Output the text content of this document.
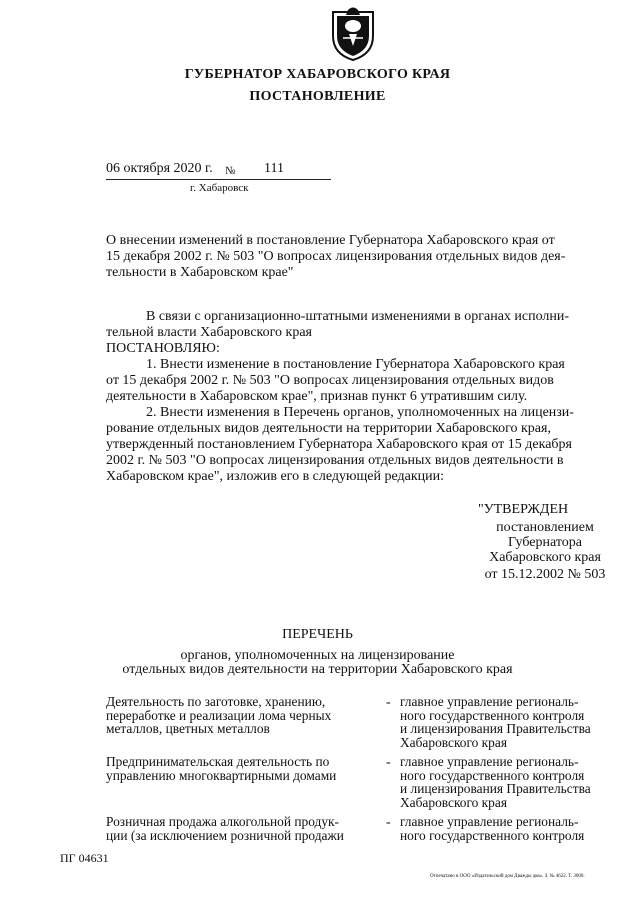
ГУБЕРНАТОР ХАБАРОВСКОГО КРАЯ
ПОСТАНОВЛЕНИЕ
06 октября 2020 г. № 111
г. Хабаровск
О внесении изменений в постановление Губернатора Хабаровского края от
15 декабря 2002 г. № 503 "О вопросах лицензирования отдельных видов дея-
тельности в Хабаровском крае"
В связи с организационно-штатными изменениями в органах исполни-
тельной власти Хабаровского края
ПОСТАНОВЛЯЮ:
1. Внести изменение в постановление Губернатора Хабаровского края
от 15 декабря 2002 г. № 503 "О вопросах лицензирования отдельных видов
деятельности в Хабаровском крае", признав пункт 6 утратившим силу.
2. Внести изменения в Перечень органов, уполномоченных на лицензи-
рование отдельных видов деятельности на территории Хабаровского края,
утвержденный постановлением Губернатора Хабаровского края от 15 декабря
2002 г. № 503 "О вопросах лицензирования отдельных видов деятельности в
Хабаровском крае", изложив его в следующей редакции:
"УТВЕРЖДЕН
постановлением
Губернатора
Хабаровского края
от 15.12.2002 № 503
ПЕРЕЧЕНЬ
органов, уполномоченных на лицензирование
отдельных видов деятельности на территории Хабаровского края
Деятельность по заготовке, хранению,
переработке и реализации лома черных
металлов, цветных металлов
- главное управление региональ-
ного государственного контроля
и лицензирования Правительства
Хабаровского края
Предпринимательская деятельность по
управлению многоквартирными домами
- главное управление региональ-
ного государственного контроля
и лицензирования Правительства
Хабаровского края
Розничная продажа алкогольной продук-
ции (за исключением розничной продажи
- главное управление региональ-
ного государственного контроля
ПГ 04631
Отпечатано в ООО «Издательский дом Дважды два». З. № 4622. Т. 3000.
